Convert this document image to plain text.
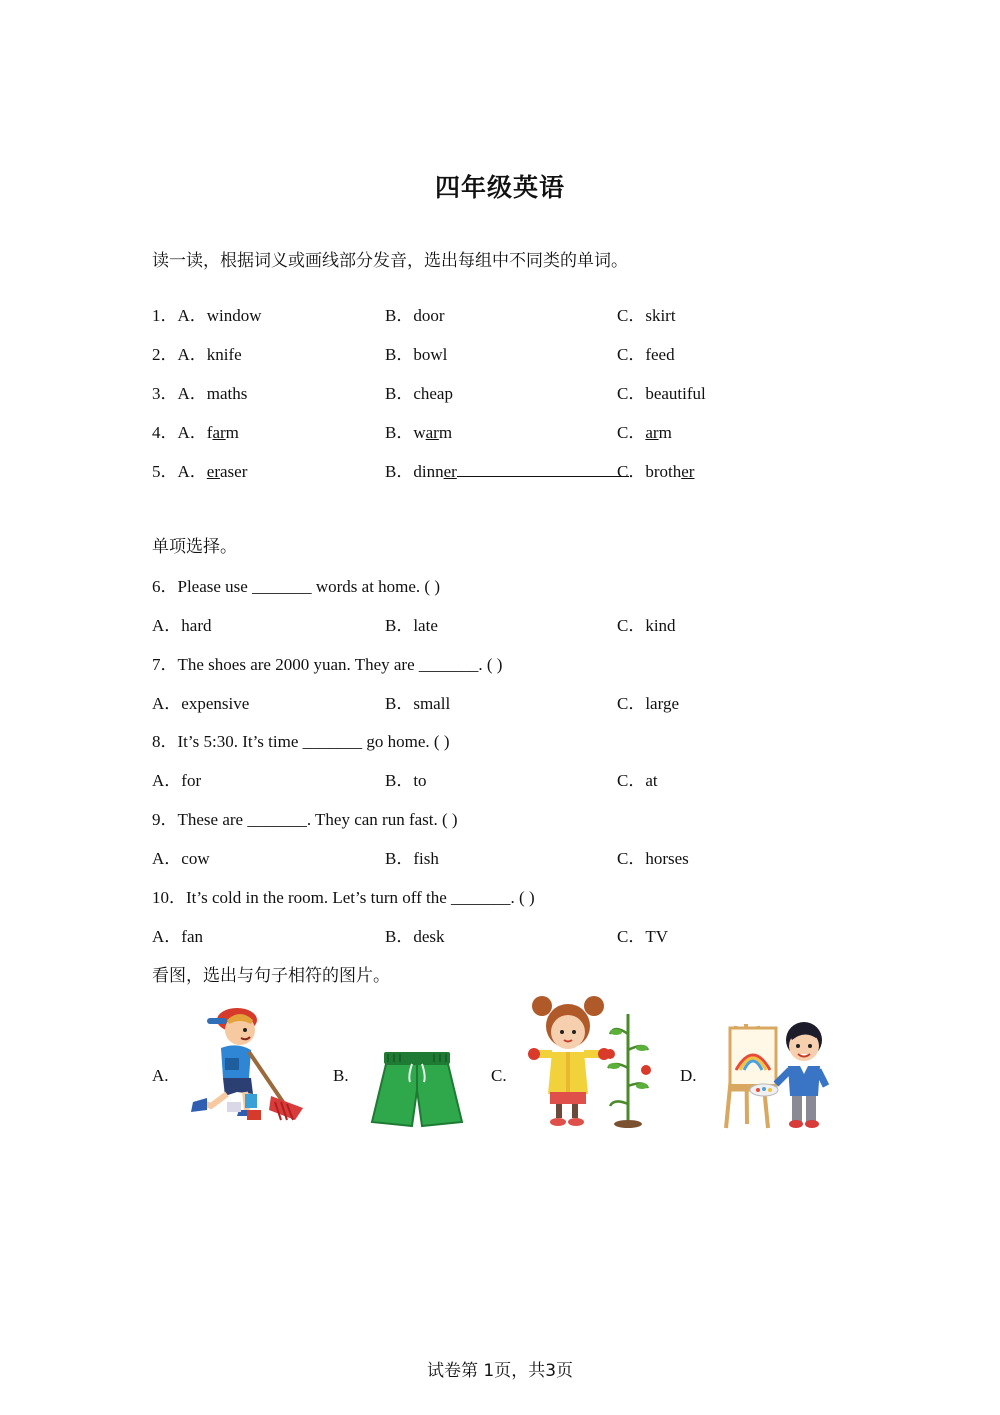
四年级英语
读一读，根据词义或画线部分发音，选出每组中不同类的单词。
1．A．window	B．door	C．skirt
2．A．knife	B．bowl	C．feed
3．A．maths	B．cheap	C．beautiful
4．A．farm	B．warm	C．arm
5．A．eraser	B．dinner	C．brother
单项选择。
6．Please use _______ words at home. ( )
A．hard	B．late	C．kind
7．The shoes are 2000 yuan. They are _______. ( )
A．expensive	B．small	C．large
8．It’s 5:30. It’s time _______ go home. ( )
A．for	B．to	C．at
9．These are _______. They can run fast. ( )
A．cow	B．fish	C．horses
10．It’s cold in the room. Let’s turn off the _______. ( )
A．fan	B．desk	C．TV
看图，选出与句子相符的图片。
A.	B.	C.	D.
试卷第 1页，共3页
